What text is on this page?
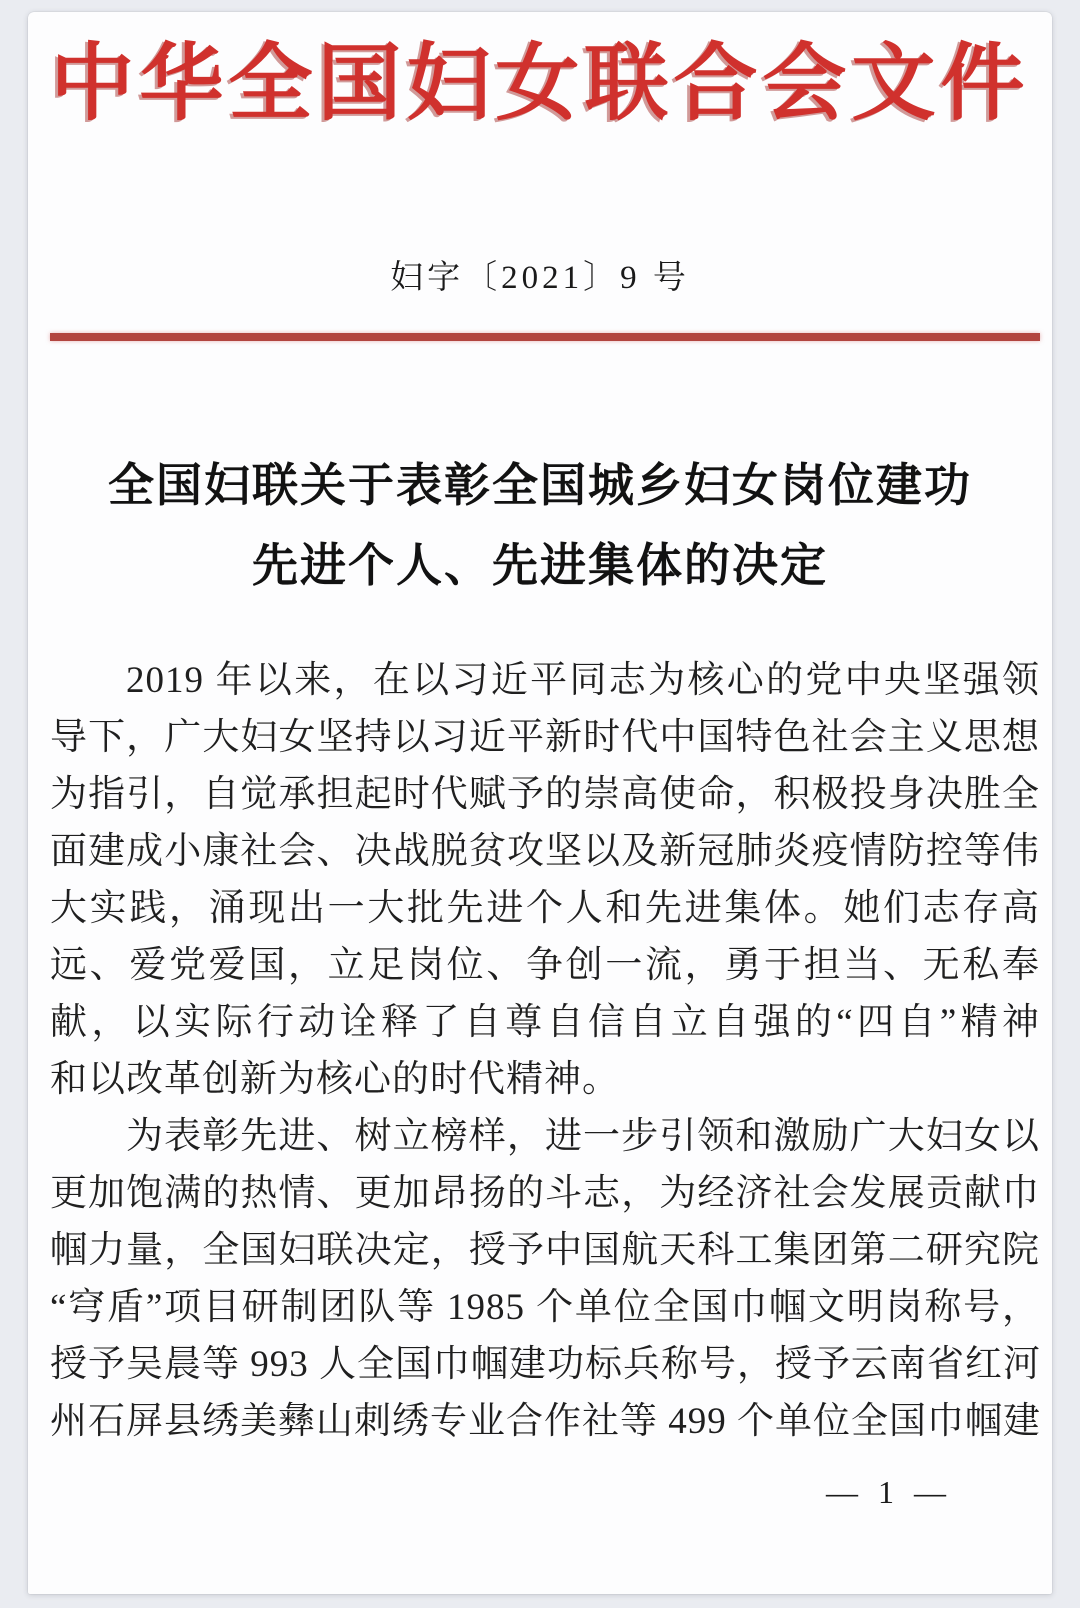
中华全国妇女联合会文件
妇字〔2021〕9 号
全国妇联关于表彰全国城乡妇女岗位建功
先进个人、先进集体的决定
2019 年以来，在以习近平同志为核心的党中央坚强领
导下，广大妇女坚持以习近平新时代中国特色社会主义思想
为指引，自觉承担起时代赋予的崇高使命，积极投身决胜全
面建成小康社会、决战脱贫攻坚以及新冠肺炎疫情防控等伟
大实践，涌现出一大批先进个人和先进集体。她们志存高
远、爱党爱国，立足岗位、争创一流，勇于担当、无私奉
献，以实际行动诠释了自尊自信自立自强的“四自”精神
和以改革创新为核心的时代精神。
为表彰先进、树立榜样，进一步引领和激励广大妇女以
更加饱满的热情、更加昂扬的斗志，为经济社会发展贡献巾
帼力量，全国妇联决定，授予中国航天科工集团第二研究院
“穹盾”项目研制团队等 1985 个单位全国巾帼文明岗称号，
授予吴晨等 993 人全国巾帼建功标兵称号，授予云南省红河
州石屏县绣美彝山刺绣专业合作社等 499 个单位全国巾帼建
— 1 —
